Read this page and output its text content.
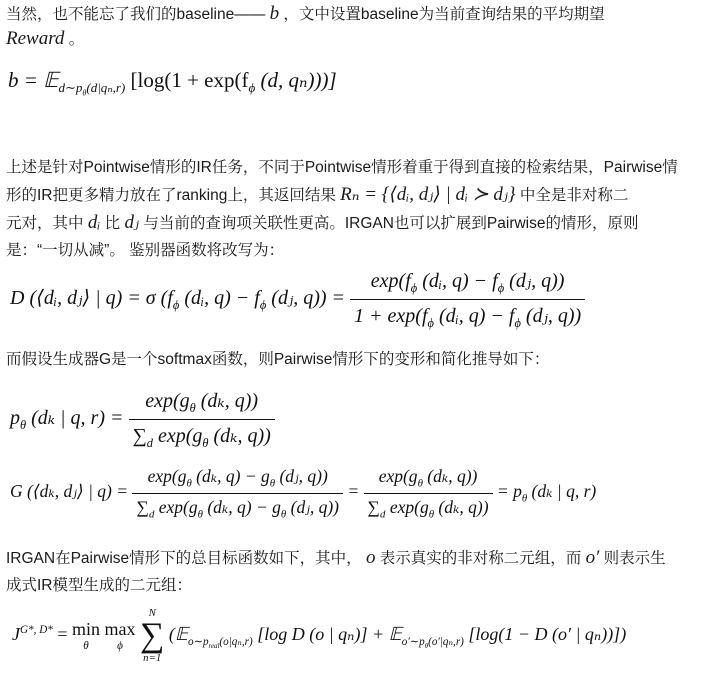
当然，也不能忘了我们的baseline—— b ，文中设置baseline为当前查询结果的平均期望
Reward 。
b = 𝔼$_{d\sim p_\theta(d|q_n,r)}$ [$\log(1 + \exp(f_\phi$ (d, qₙ)))]
上述是针对Pointwise情形的IR任务，不同于Pointwise情形着重于得到直接的检索结果，Pairwise情
形的IR把更多精力放在了ranking上，其返回结果 Rₙ = {⟨dᵢ, dⱼ⟩ | dᵢ ≻ dⱼ} 中全是非对称二
元对，其中 dᵢ 比 dⱼ 与当前的查询项关联性更高。IRGAN也可以扩展到Pairwise的情形，原则
是：“一切从减”。 鉴别器函数将改写为：
D (⟨dᵢ, dⱼ⟩ | q) = σ ($f_\phi$ (dᵢ, $q) - f_\phi$ (dⱼ, $q)) = \frac{\exp(f_\phi (dᵢ, q) - f_\phi (dⱼ, q))}{1 + \exp(f_\phi (dᵢ, q) - f_\phi (dⱼ, q))}$
而假设生成器G是一个softmax函数，则Pairwise情形下的变形和简化推导如下：
$p_\theta$ (dₖ | q, $r) = \frac{\exp(g_\theta (d_k, q))}{\sum_d \exp(g_\theta (d_k, q))}$
G (⟨dₖ, dⱼ⟩ | $q) = \frac{\exp(g_\theta (d_k, q) - g_\theta (dⱼ, q))}{\sum_d \exp(g_\theta (d_k, q) - g_\theta (dⱼ, q))} = \frac{\exp(g_\theta (d_k, q))}{\sum_d \exp(g_\theta (d_k, q))} = p_\theta$ (dₖ | q, r)
IRGAN在Pairwise情形下的总目标函数如下，其中， o 表示真实的非对称二元组，而 o′ 则表示生
成式IR模型生成的二元组：
$J^{G*, D*} = \min$
θ
max
ϕ

N
∑
n=1
(𝔼$_{o\sim p_{real}(o|q_n,r)}$ [log D (o | qₙ)] + 𝔼$_{o'\sim p_\theta(o'|q_n,r)}$ [log(1 − D (o′ | qₙ))])
